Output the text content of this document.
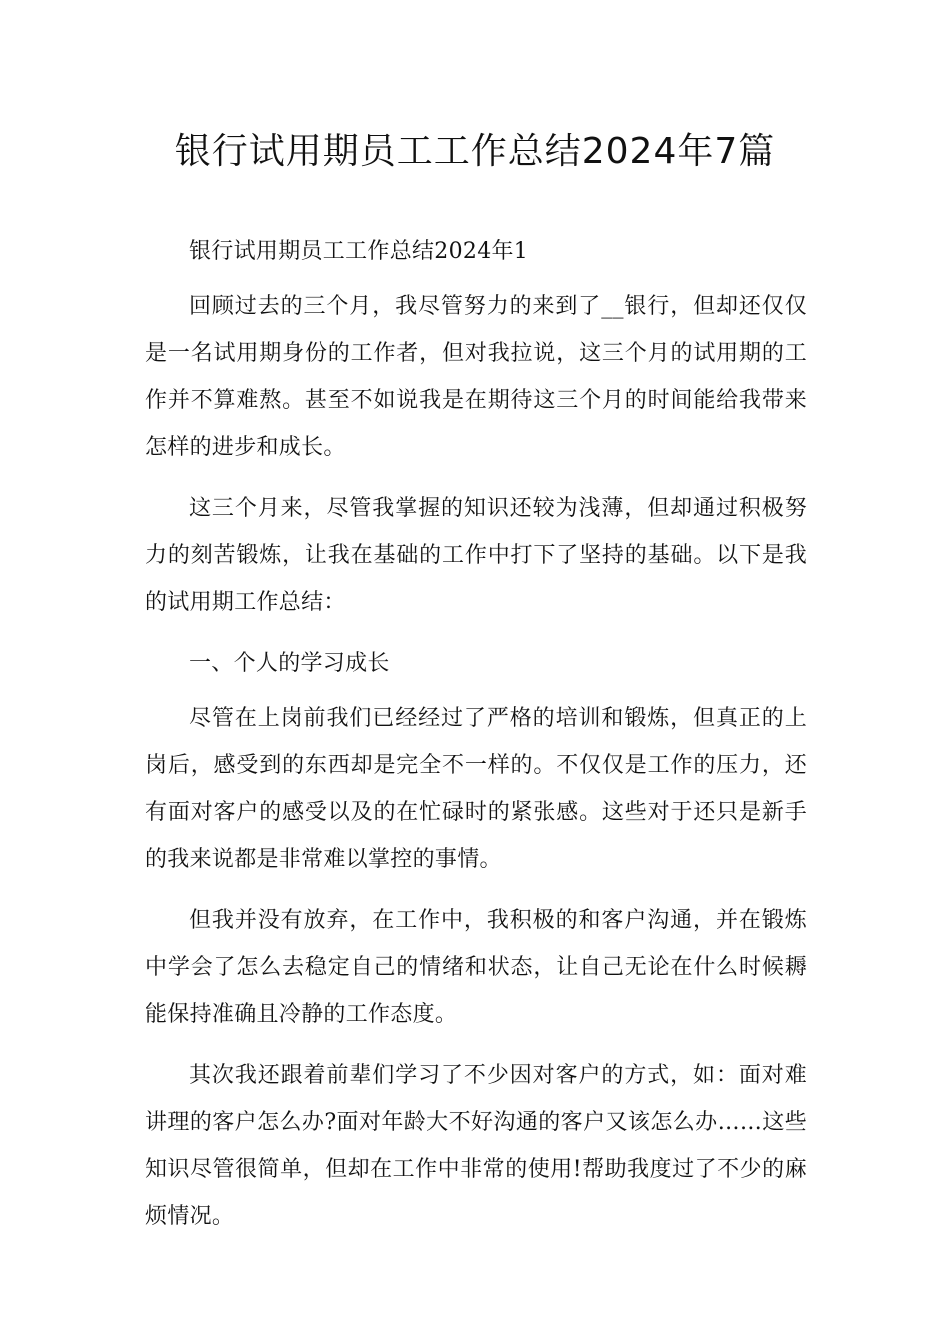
银行试用期员工工作总结2024年7篇

银行试用期员工工作总结2024年1

回顾过去的三个月，我尽管努力的来到了__银行，但却还仅仅是一名试用期身份的工作者，但对我拉说，这三个月的试用期的工作并不算难熬。甚至不如说我是在期待这三个月的时间能给我带来怎样的进步和成长。

这三个月来，尽管我掌握的知识还较为浅薄，但却通过积极努力的刻苦锻炼，让我在基础的工作中打下了坚持的基础。以下是我的试用期工作总结：

一、个人的学习成长

尽管在上岗前我们已经经过了严格的培训和锻炼，但真正的上岗后，感受到的东西却是完全不一样的。不仅仅是工作的压力，还有面对客户的感受以及的在忙碌时的紧张感。这些对于还只是新手的我来说都是非常难以掌控的事情。

但我并没有放弃，在工作中，我积极的和客户沟通，并在锻炼中学会了怎么去稳定自己的情绪和状态，让自己无论在什么时候耨能保持准确且冷静的工作态度。

其次我还跟着前辈们学习了不少因对客户的方式，如：面对难讲理的客户怎么办?面对年龄大不好沟通的客户又该怎么办……这些知识尽管很简单，但却在工作中非常的使用!帮助我度过了不少的麻烦情况。
